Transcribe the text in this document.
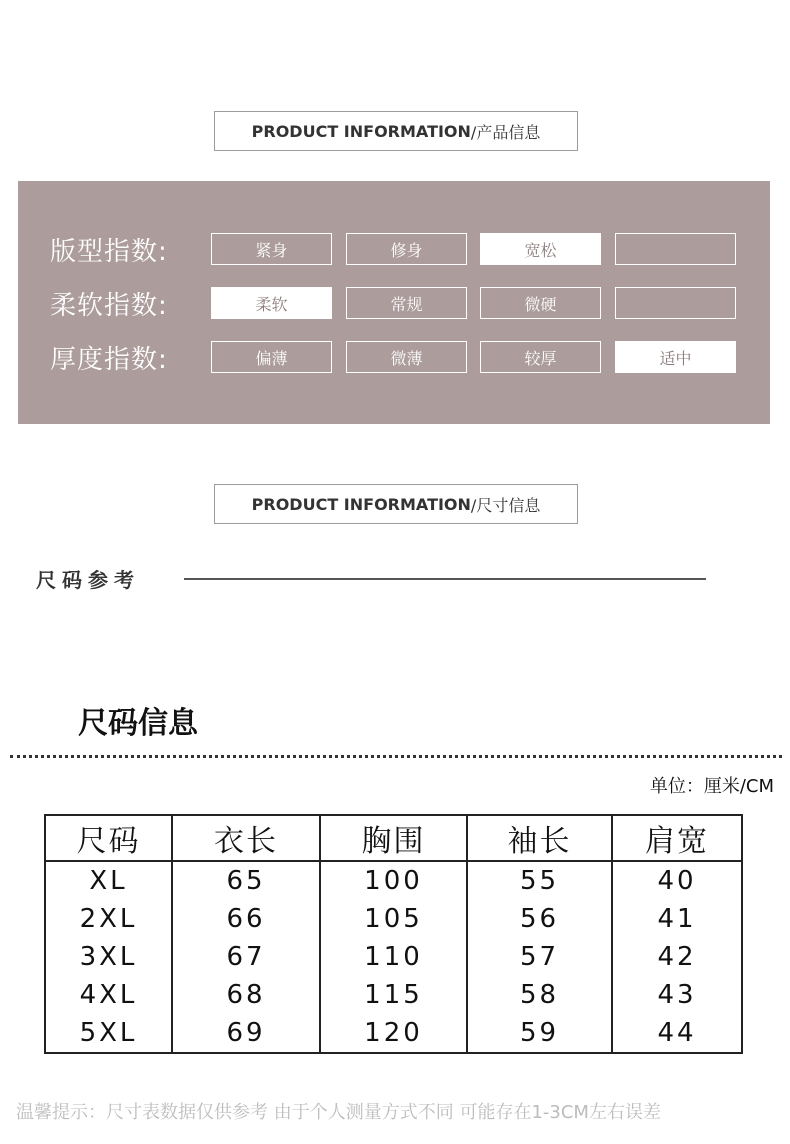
PRODUCT INFORMATION /产品信息
版型指数:	紧身	修身	宽松
柔软指数:	柔软	常规	微硬
厚度指数:	偏薄	微薄	较厚	适中
PRODUCT INFORMATION /尺寸信息
尺码参考
尺码信息
单位：厘米/CM
尺码	衣长	胸围	袖长	肩宽
XL	65	100	55	40
2XL	66	105	56	41
3XL	67	110	57	42
4XL	68	115	58	43
5XL	69	120	59	44
温馨提示：尺寸表数据仅供参考 由于个人测量方式不同 可能存在1-3CM左右误差
